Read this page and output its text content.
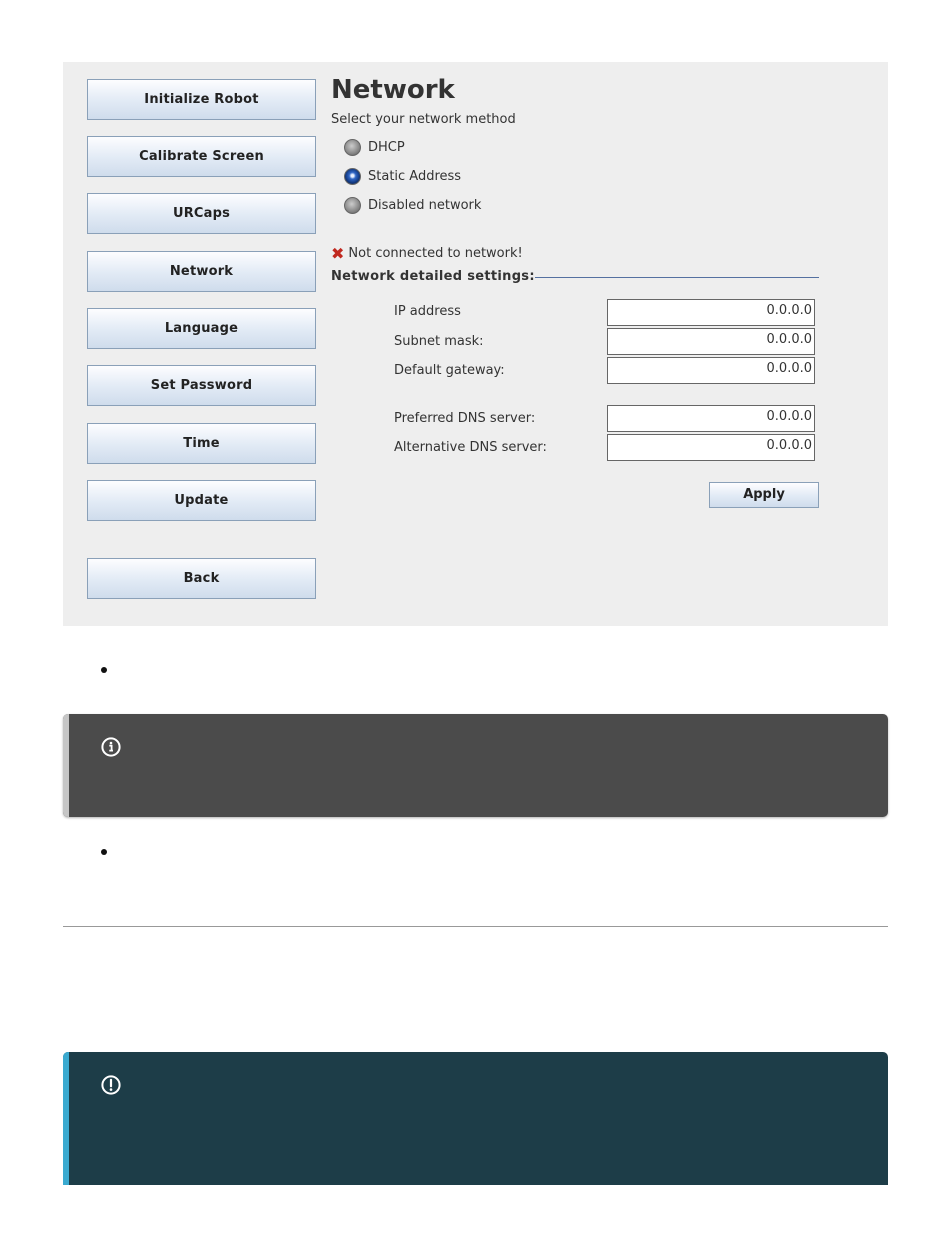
Initialize Robot
Calibrate Screen
URCaps
Network
Language
Set Password
Time
Update
Back
Network
Select your network method
DHCP
Static Address
Disabled network
✖ Not connected to network!
Network detailed settings:
IP address	0.0.0.0
Subnet mask:	0.0.0.0
Default gateway:	0.0.0.0
Preferred DNS server:	0.0.0.0
Alternative DNS server:	0.0.0.0
Apply
